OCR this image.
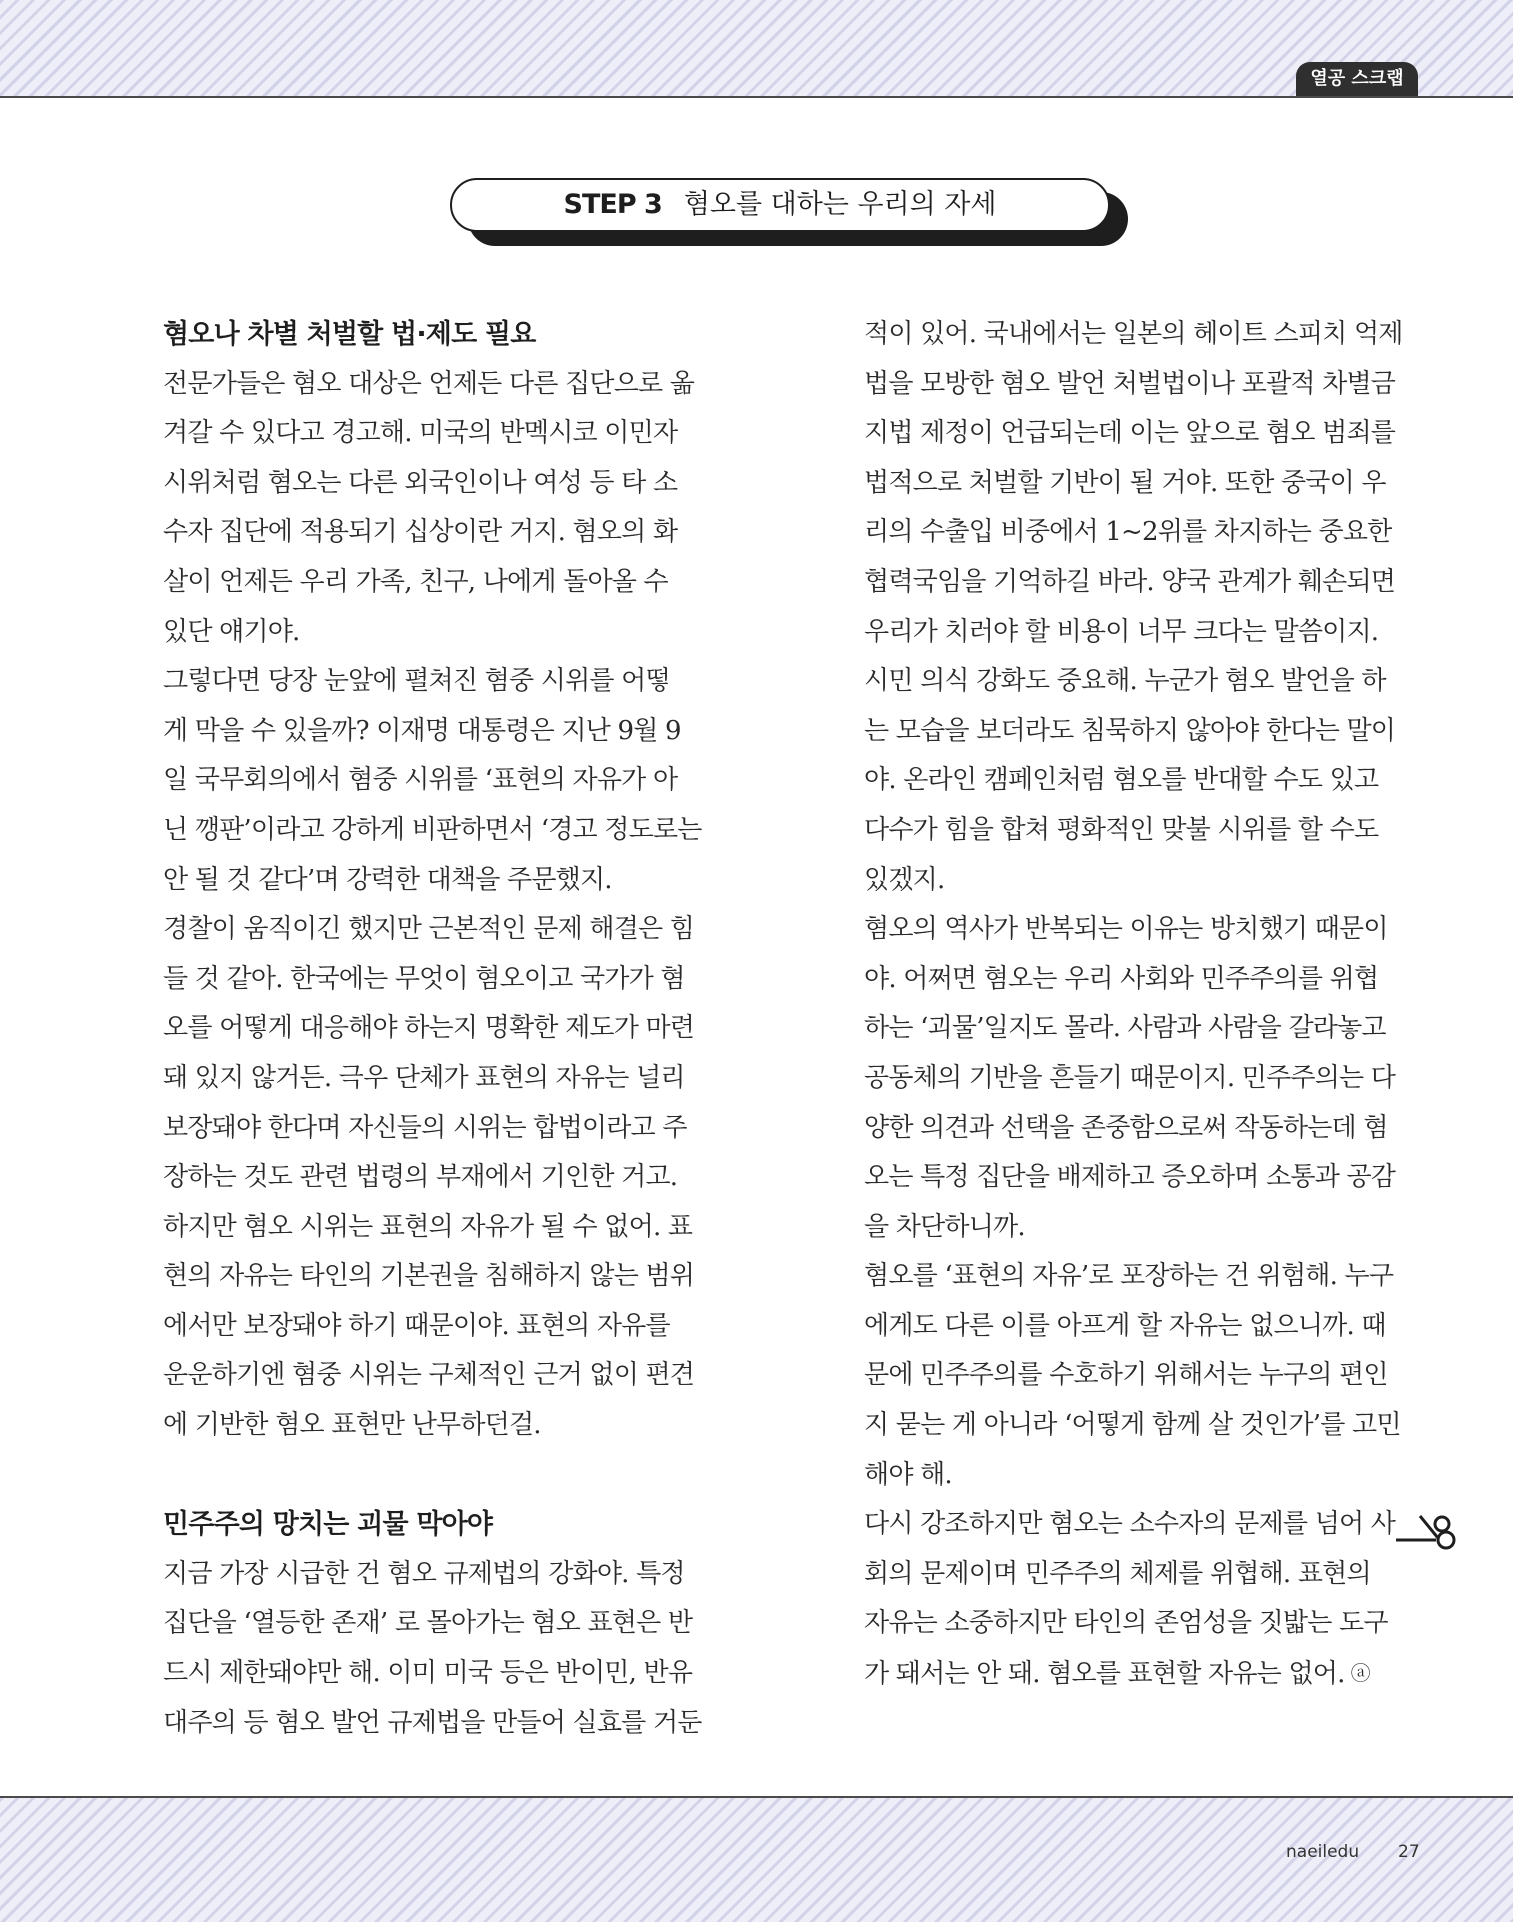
열공 스크랩
STEP 3 혐오를 대하는 우리의 자세
혐오나 차별 처벌할 법·제도 필요
전문가들은 혐오 대상은 언제든 다른 집단으로 옮
겨갈 수 있다고 경고해. 미국의 반멕시코 이민자
시위처럼 혐오는 다른 외국인이나 여성 등 타 소
수자 집단에 적용되기 십상이란 거지. 혐오의 화
살이 언제든 우리 가족, 친구, 나에게 돌아올 수
있단 얘기야.
그렇다면 당장 눈앞에 펼쳐진 혐중 시위를 어떻
게 막을 수 있을까? 이재명 대통령은 지난 9월 9
일 국무회의에서 혐중 시위를 ‘표현의 자유가 아
닌 깽판’이라고 강하게 비판하면서 ‘경고 정도로는
안 될 것 같다’며 강력한 대책을 주문했지.
경찰이 움직이긴 했지만 근본적인 문제 해결은 힘
들 것 같아. 한국에는 무엇이 혐오이고 국가가 혐
오를 어떻게 대응해야 하는지 명확한 제도가 마련
돼 있지 않거든. 극우 단체가 표현의 자유는 널리
보장돼야 한다며 자신들의 시위는 합법이라고 주
장하는 것도 관련 법령의 부재에서 기인한 거고.
하지만 혐오 시위는 표현의 자유가 될 수 없어. 표
현의 자유는 타인의 기본권을 침해하지 않는 범위
에서만 보장돼야 하기 때문이야. 표현의 자유를
운운하기엔 혐중 시위는 구체적인 근거 없이 편견
에 기반한 혐오 표현만 난무하던걸.
민주주의 망치는 괴물 막아야
지금 가장 시급한 건 혐오 규제법의 강화야. 특정
집단을 ‘열등한 존재’ 로 몰아가는 혐오 표현은 반
드시 제한돼야만 해. 이미 미국 등은 반이민, 반유
대주의 등 혐오 발언 규제법을 만들어 실효를 거둔
적이 있어. 국내에서는 일본의 헤이트 스피치 억제
법을 모방한 혐오 발언 처벌법이나 포괄적 차별금
지법 제정이 언급되는데 이는 앞으로 혐오 범죄를
법적으로 처벌할 기반이 될 거야. 또한 중국이 우
리의 수출입 비중에서 1~2위를 차지하는 중요한
협력국임을 기억하길 바라. 양국 관계가 훼손되면
우리가 치러야 할 비용이 너무 크다는 말씀이지.
시민 의식 강화도 중요해. 누군가 혐오 발언을 하
는 모습을 보더라도 침묵하지 않아야 한다는 말이
야. 온라인 캠페인처럼 혐오를 반대할 수도 있고
다수가 힘을 합쳐 평화적인 맞불 시위를 할 수도
있겠지.
혐오의 역사가 반복되는 이유는 방치했기 때문이
야. 어쩌면 혐오는 우리 사회와 민주주의를 위협
하는 ‘괴물’일지도 몰라. 사람과 사람을 갈라놓고
공동체의 기반을 흔들기 때문이지. 민주주의는 다
양한 의견과 선택을 존중함으로써 작동하는데 혐
오는 특정 집단을 배제하고 증오하며 소통과 공감
을 차단하니까.
혐오를 ‘표현의 자유’로 포장하는 건 위험해. 누구
에게도 다른 이를 아프게 할 자유는 없으니까. 때
문에 민주주의를 수호하기 위해서는 누구의 편인
지 묻는 게 아니라 ‘어떻게 함께 살 것인가’를 고민
해야 해.
다시 강조하지만 혐오는 소수자의 문제를 넘어 사
회의 문제이며 민주주의 체제를 위협해. 표현의
자유는 소중하지만 타인의 존엄성을 짓밟는 도구
가 돼서는 안 돼. 혐오를 표현할 자유는 없어. ⓐ
naeiledu 27
